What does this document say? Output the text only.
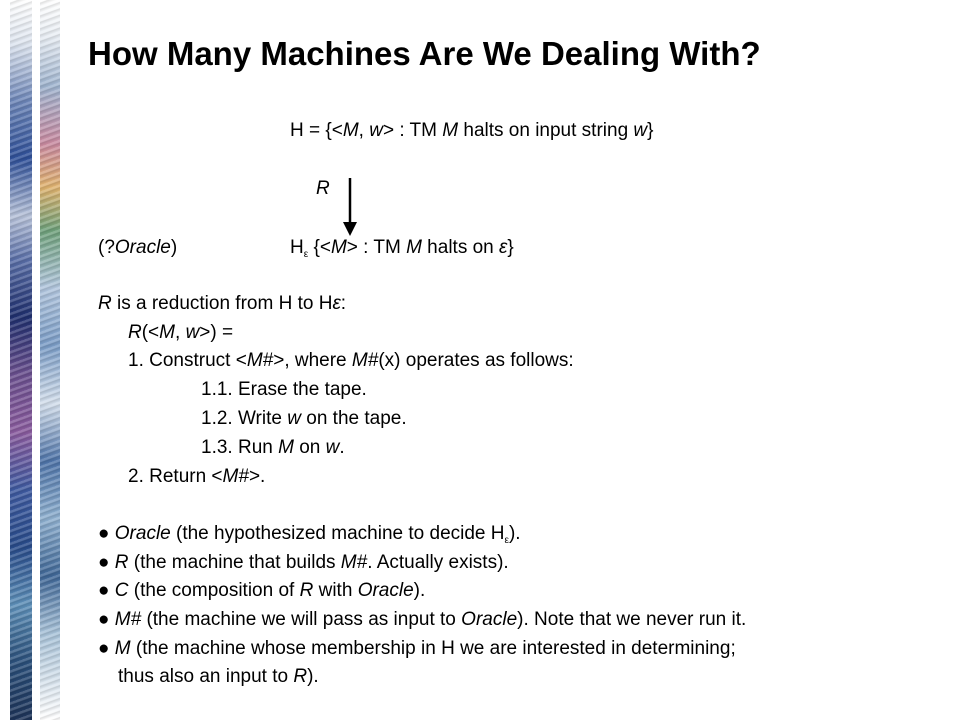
How Many Machines Are We Dealing With?
H = {<M, w> : TM M halts on input string w}
R
(?Oracle)	$H_\varepsilon$ {<M> : TM M halts on ε}
R is a reduction from H to Hε:
R(<M, w>) =
1. Construct <M#>, where M#(x) operates as follows:
1.1. Erase the tape.
1.2. Write w on the tape.
1.3. Run M on w.
2. Return <M#>.
● Oracle (the hypothesized machine to decide $H_\varepsilon$).
● R (the machine that builds M#. Actually exists).
● C (the composition of R with Oracle).
● M# (the machine we will pass as input to Oracle). Note that we never run it.
● M (the machine whose membership in H we are interested in determining;
thus also an input to R).
